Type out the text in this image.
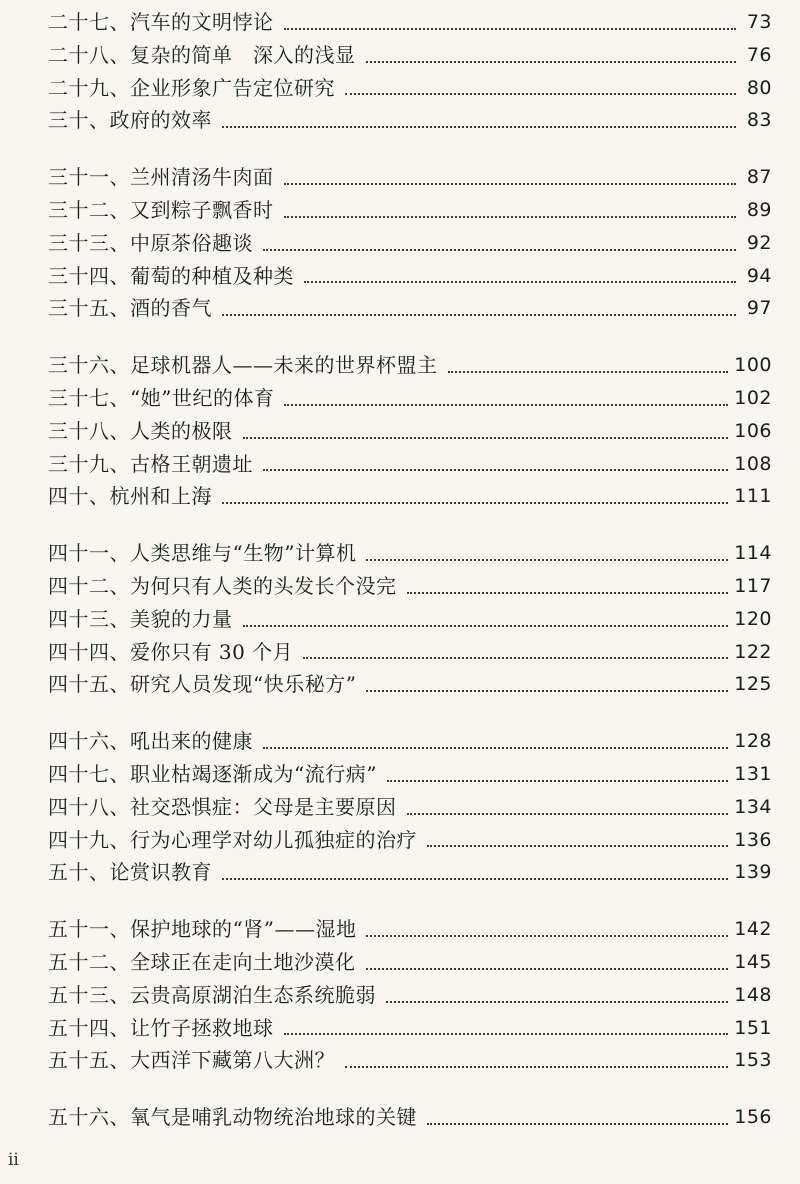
二十七、汽车的文明悖论	73
二十八、复杂的简单　深入的浅显	76
二十九、企业形象广告定位研究	80
三十、政府的效率	83
三十一、兰州清汤牛肉面	87
三十二、又到粽子飘香时	89
三十三、中原茶俗趣谈	92
三十四、葡萄的种植及种类	94
三十五、酒的香气	97
三十六、足球机器人——未来的世界杯盟主	100
三十七、“她”世纪的体育	102
三十八、人类的极限	106
三十九、古格王朝遗址	108
四十、杭州和上海	111
四十一、人类思维与“生物”计算机	114
四十二、为何只有人类的头发长个没完	117
四十三、美貌的力量	120
四十四、爱你只有 30 个月	122
四十五、研究人员发现“快乐秘方”	125
四十六、吼出来的健康	128
四十七、职业枯竭逐渐成为“流行病”	131
四十八、社交恐惧症：父母是主要原因	134
四十九、行为心理学对幼儿孤独症的治疗	136
五十、论赏识教育	139
五十一、保护地球的“肾”——湿地	142
五十二、全球正在走向土地沙漠化	145
五十三、云贵高原湖泊生态系统脆弱	148
五十四、让竹子拯救地球	151
五十五、大西洋下藏第八大洲？	153
五十六、氧气是哺乳动物统治地球的关键	156
ii
